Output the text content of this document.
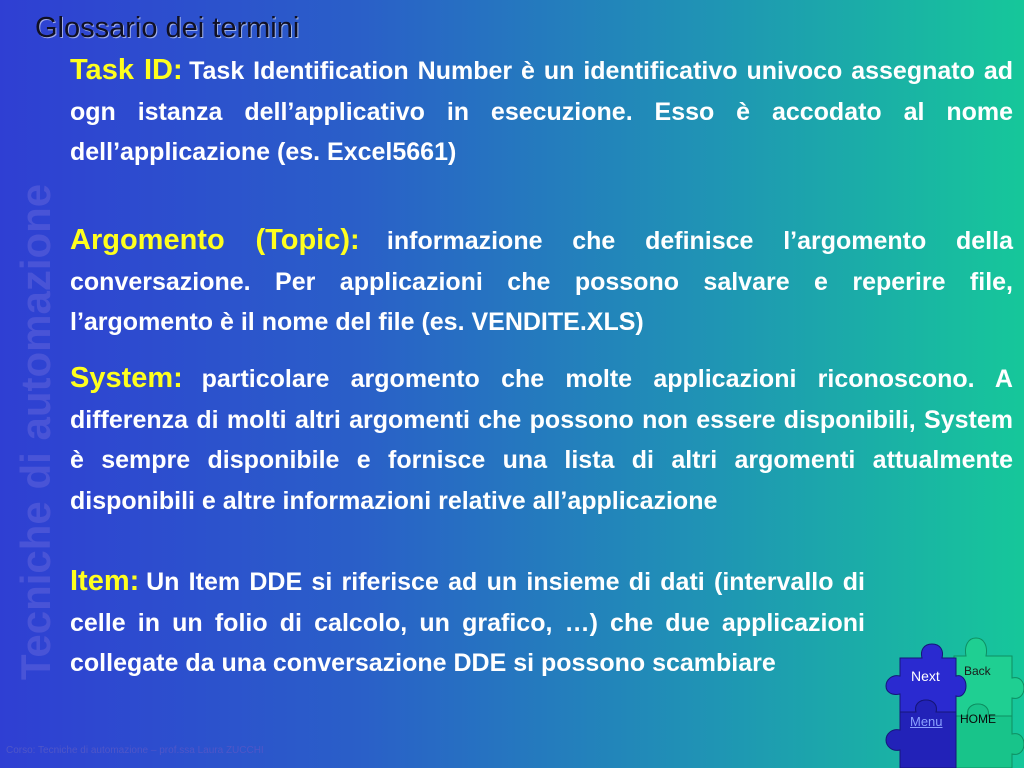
Glossario dei termini
Tecniche di automazione
Task ID: Task Identification Number è un identificativo univoco assegnato ad ogn istanza dell’applicativo in esecuzione. Esso è accodato al nome dell’applicazione (es. Excel5661)
Argomento (Topic): informazione che definisce l’argomento della conversazione. Per applicazioni che possono salvare e reperire file, l’argomento è il nome del file (es. VENDITE.XLS)
System: particolare argomento che molte applicazioni riconoscono. A differenza di molti altri argomenti che possono non essere disponibili, System è sempre disponibile e fornisce una lista di altri argomenti attualmente disponibili e altre informazioni relative all’applicazione
Item: Un Item DDE si riferisce ad un insieme di dati (intervallo di celle in un folio di calcolo, un grafico, …) che due applicazioni collegate da una conversazione DDE si possono scambiare
Corso: Tecniche di automazione – prof.ssa Laura ZUCCHI
Next Back
Menu HOME
